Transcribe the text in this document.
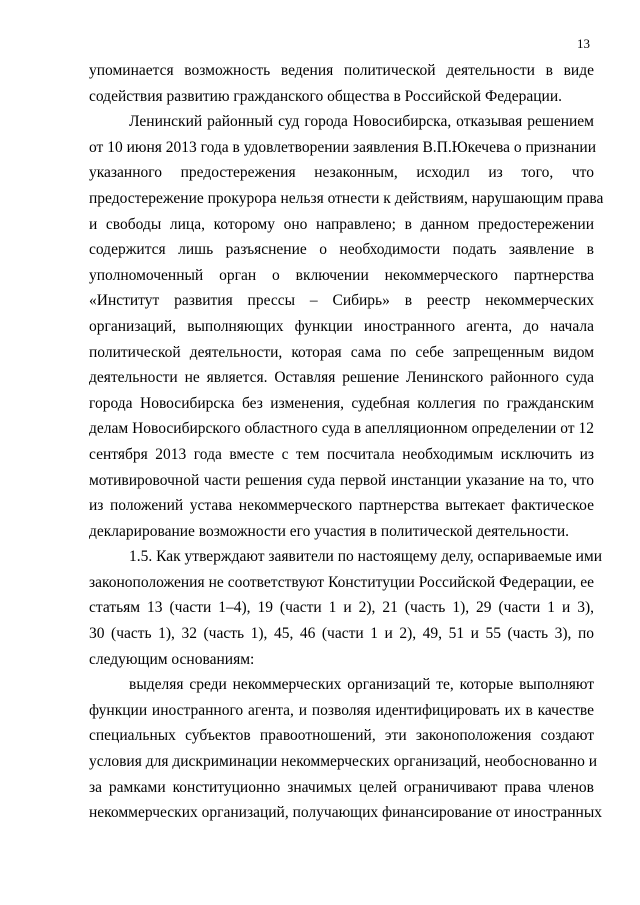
13
упоминается возможность ведения политической деятельности в виде
содействия развитию гражданского общества в Российской Федерации.
Ленинский районный суд города Новосибирска, отказывая решением
от 10 июня 2013 года в удовлетворении заявления В.П.Юкечева о признании
указанного предостережения незаконным, исходил из того, что
предостережение прокурора нельзя отнести к действиям, нарушающим права
и свободы лица, которому оно направлено; в данном предостережении
содержится лишь разъяснение о необходимости подать заявление в
уполномоченный орган о включении некоммерческого партнерства
«Институт развития прессы – Сибирь» в реестр некоммерческих
организаций, выполняющих функции иностранного агента, до начала
политической деятельности, которая сама по себе запрещенным видом
деятельности не является. Оставляя решение Ленинского районного суда
города Новосибирска без изменения, судебная коллегия по гражданским
делам Новосибирского областного суда в апелляционном определении от 12
сентября 2013 года вместе с тем посчитала необходимым исключить из
мотивировочной части решения суда первой инстанции указание на то, что
из положений устава некоммерческого партнерства вытекает фактическое
декларирование возможности его участия в политической деятельности.
1.5. Как утверждают заявители по настоящему делу, оспариваемые ими
законоположения не соответствуют Конституции Российской Федерации, ее
статьям 13 (части 1–4), 19 (части 1 и 2), 21 (часть 1), 29 (части 1 и 3),
30 (часть 1), 32 (часть 1), 45, 46 (части 1 и 2), 49, 51 и 55 (часть 3), по
следующим основаниям:
выделяя среди некоммерческих организаций те, которые выполняют
функции иностранного агента, и позволяя идентифицировать их в качестве
специальных субъектов правоотношений, эти законоположения создают
условия для дискриминации некоммерческих организаций, необоснованно и
за рамками конституционно значимых целей ограничивают права членов
некоммерческих организаций, получающих финансирование от иностранных
